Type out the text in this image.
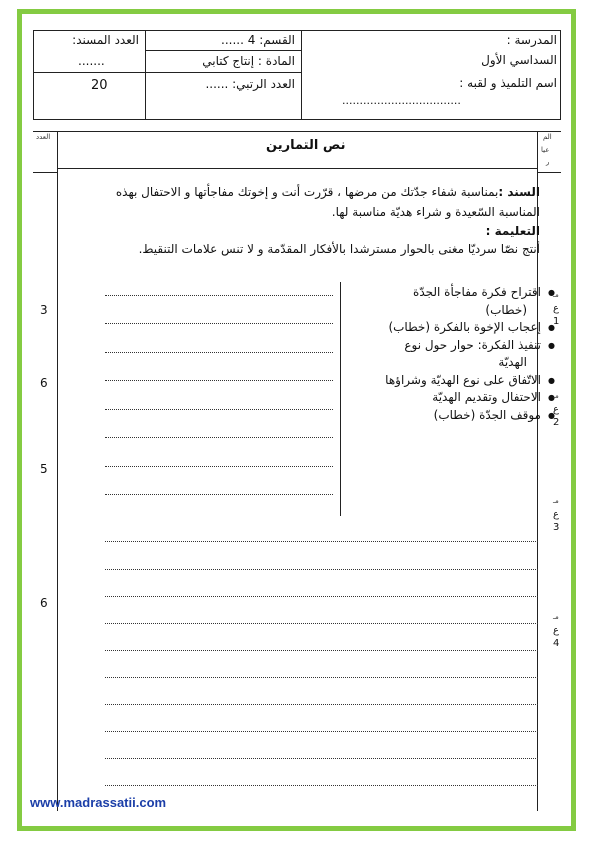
المدرسة :
السداسي الأول
اسم التلميذ و لقبه :
..................................
القسم: 4 ......
المادة : إنتاج كتابي
العدد الرتبي: ......
العدد المسند:
.......
20
العدد
نص التمارين
الم
عيا
ر
السند :بمناسبة شفاء جدّتك من مرضها ، قرّرت أنت و إخوتك مفاجأتها و الاحتفال بهذه
المناسبة السّعيدة و شراء هديّة مناسبة لها.
التعليمة :
أنتج نصّا سرديّا مغنى بالحوار مسترشدا بالأفكار المقدّمة و لا تنس علامات التنقيط.
● اقتراح فكرة مفاجأة الجدّة
(خطاب)
● إعجاب الإخوة بالفكرة (خطاب)
● تنفيذ الفكرة: حوار حول نوع
الهديّة
● الاتّفاق على نوع الهديّة وشراؤها
● الاحتفال وتقديم الهديّة
● موقف الجدّة (خطاب)
3
6
5
6
مـ
ع
1
مـ
ع
2
مـ
ع
3
مـ
ع
4
www.madrassatii.com
